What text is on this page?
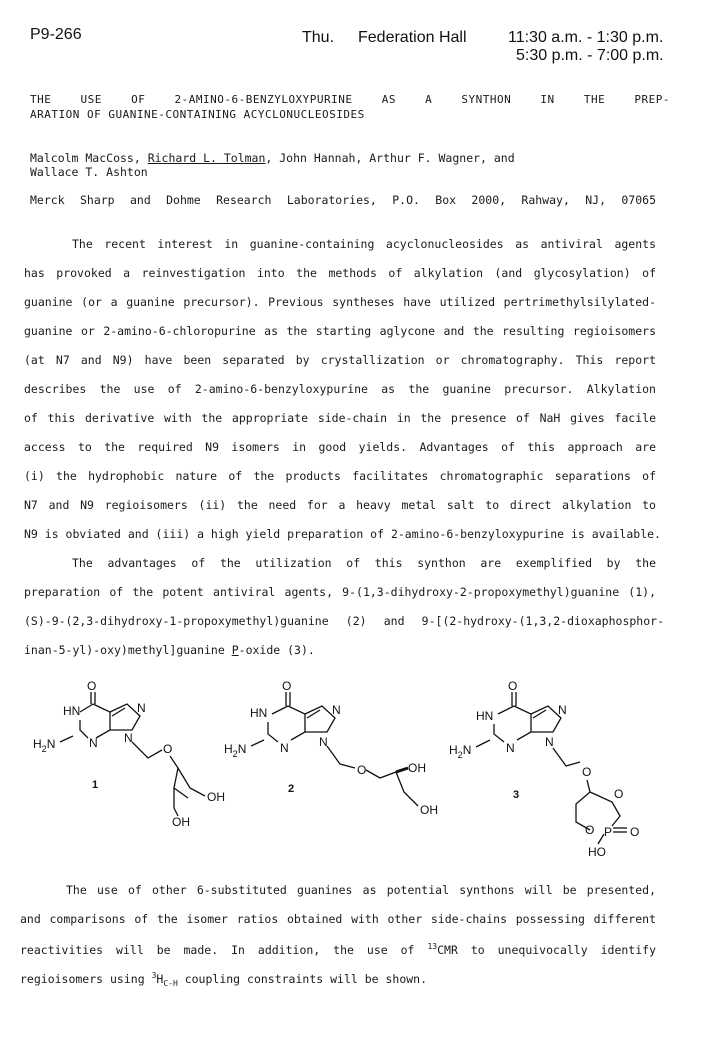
P9-266	Thu. Federation Hall	11:30 a.m. - 1:30 p.m.
5:30 p.m. - 7:00 p.m.
THE USE OF 2-AMINO-6-BENZYLOXYPURINE AS A SYNTHON IN THE PREP-
ARATION OF GUANINE-CONTAINING ACYCLONUCLEOSIDES
Malcolm MacCoss, Richard L. Tolman, John Hannah, Arthur F. Wagner, and
Wallace T. Ashton
Merck Sharp and Dohme Research Laboratories, P.O. Box 2000, Rahway, NJ, 07065
The recent interest in guanine-containing acyclonucleosides as antiviral agents
has provoked a reinvestigation into the methods of alkylation (and glycosylation) of
guanine (or a guanine precursor). Previous syntheses have utilized pertrimethylsilylated-
guanine or 2-amino-6-chloropurine as the starting aglycone and the resulting regioisomers
(at N7 and N9) have been separated by crystallization or chromatography. This report
describes the use of 2-amino-6-benzyloxypurine as the guanine precursor. Alkylation
of this derivative with the appropriate side-chain in the presence of NaH gives facile
access to the required N9 isomers in good yields. Advantages of this approach are
(i) the hydrophobic nature of the products facilitates chromatographic separations of
N7 and N9 regioisomers (ii) the need for a heavy metal salt to direct alkylation to
N9 is obviated and (iii) a high yield preparation of 2-amino-6-benzyloxypurine is available.
The advantages of the utilization of this synthon are exemplified by the
preparation of the potent antiviral agents, 9-(1,3-dihydroxy-2-propoxymethyl)guanine (1),
(S)-9-(2,3-dihydroxy-1-propoxymethyl)guanine (2) and 9-[(2-hydroxy-(1,3,2-dioxaphosphor-
inan-5-yl)-oxy)methyl]guanine P-oxide (3).
O
HN
N
$H_2N$
N
N
O
OH
OH
1
O
HN
N
$H_2N$
N
N
O	OH
OH
2
O
HN
N
$H_2N$
N
N
O
O
O P O
HO
3
The use of other 6-substituted guanines as potential synthons will be presented,
and comparisons of the isomer ratios obtained with other side-chains possessing different
reactivities will be made. In addition, the use of $^{13}$CMR to unequivocally identify
regioisomers using $^3H_{C-H}$ coupling constraints will be shown.
